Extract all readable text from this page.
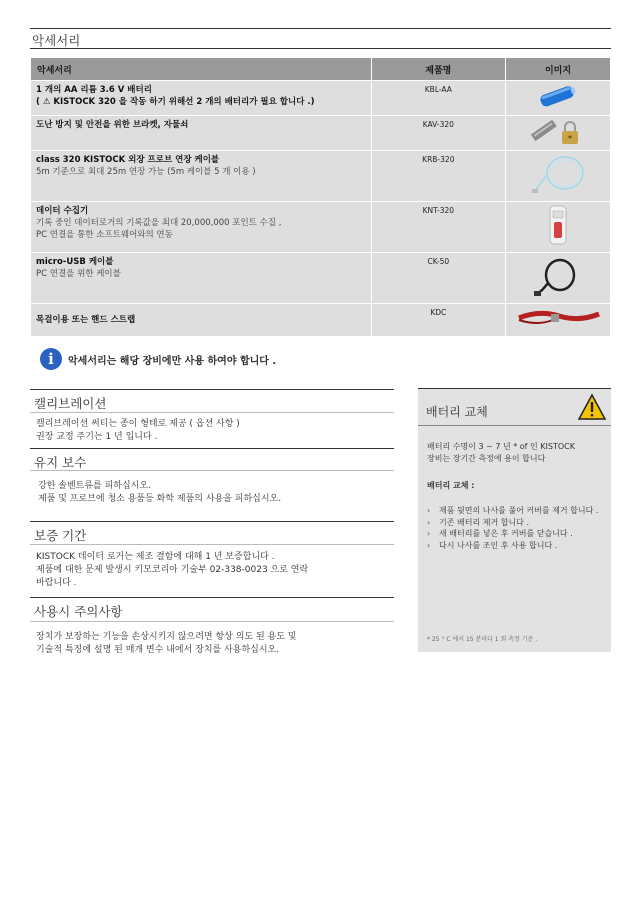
악세서리
악세서리	제품명	이미지

1 개의 AA 리튬 3.6 V 배터리
( ⚠ KISTOCK 320 을 작동 하기 위해선 2 개의 배터리가 필요 합니다 .)	KBL-AA	

도난 방지 및 안전을 위한 브라켓, 자물쇠	KAV-320	

class 320 KISTOCK 외장 프로브 연장 케이블
5m 기준으로 최대 25m 연장 가능 (5m 케이블 5 개 이용 )	KRB-320	

데이터 수집기
기록 중인 데이터로거의 기록값을 최대 20,000,000 포인트 수집 ,
PC 연결을 통한 소프트웨어와의 연동	KNT-320	

micro-USB 케이블
PC 연결을 위한 케이블	CK-50	

목걸이용 또는 핸드 스트랩	KDC	
i	악세서리는 해당 장비에만 사용 하여야 합니다 .
캘리브레이션
캘리브레이션 써티는 종이 형태로 제공 ( 옵션 사항 )
권장 교정 주기는 1 년 입니다 .
유지 보수
강한 솔벤트류를 피하십시오.
제품 및 프로브에 청소 용품등 화학 제품의 사용을 피하십시오.
보증 기간
KISTOCK 데이터 로거는 제조 결함에 대해 1 년 보증합니다 .
제품에 대한 문제 발생시 키모코리아 기술부 02-338-0023 으로 연락
바랍니다 .
사용시 주의사항
장치가 보장하는 기능을 손상시키지 않으려면 항상 의도 된 용도 및
기술적 특징에 설명 된 매개 변수 내에서 장치를 사용하십시오.
배터리 교체
배터리 수명이 3 ~ 7 년 * of 인 KISTOCK
장비는 장기간 측정에 용이 합니다
배터리 교체 :
› 제품 뒷면의 나사를 풀어 커버를 제거 합니다 .
› 기존 배터리 제거 합니다 .
› 새 배터리를 넣은 후 커버를 닫습니다 .
› 다시 나사를 조인 후 사용 합니다 .
* 25 ° C 에서 15 분마다 1 회 측정 기준 .
